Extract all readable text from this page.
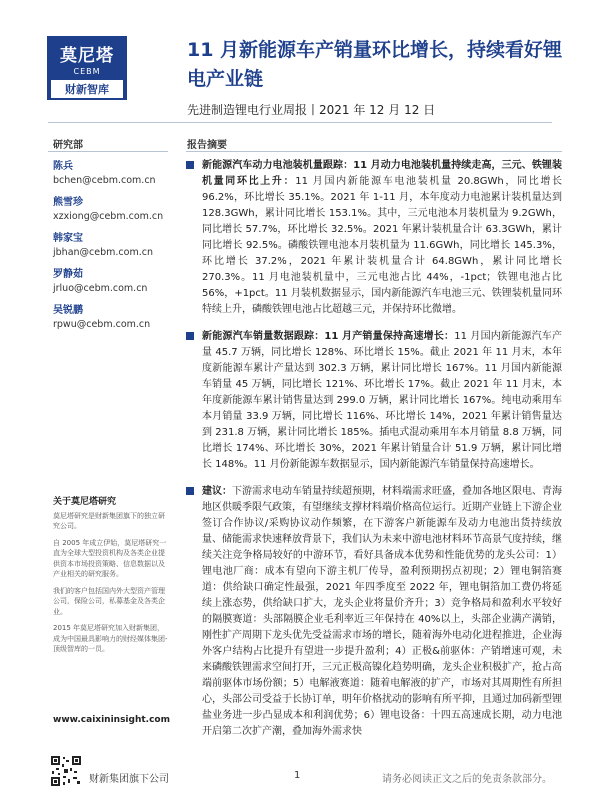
莫尼塔
CEBM
财新智库
11 月新能源车产销量环比增长，持续看好锂电产业链
先进制造锂电行业周报丨2021 年 12 月 12 日
研究部	报告摘要
陈兵
bchen@cebm.com.cn
熊雪珍
xzxiong@cebm.com.cn
韩家宝
jbhan@cebm.com.cn
罗静茹
jrluo@cebm.com.cn
吴锐鹏
rpwu@cebm.com.cn
关于莫尼塔研究

莫尼塔研究是财新集团旗下的独立研究公司。

自 2005 年成立伊始，莫尼塔研究一直为全球大型投资机构及各类企业提供资本市场投资策略、信息数据以及产业相关的研究服务。

我们的客户包括国内外大型资产管理公司，保险公司，私募基金及各类企业。

2015 年莫尼塔研究加入财新集团，成为中国最具影响力的财经媒体集团-顶级智库的一员。

www.caixininsight.com
新能源汽车动力电池装机量跟踪：11 月动力电池装机量持续走高，三元、铁锂装机量同环比上升：11 月国内新能源车电池装机量 20.8GWh，同比增长 96.2%，环比增长 35.1%。2021 年 1-11 月，本年度动力电池累计装机量达到 128.3GWh，累计同比增长 153.1%。其中，三元电池本月装机量为 9.2GWh，同比增长 57.7%，环比增长 32.5%。2021 年累计装机量合计 63.3GWh，累计同比增长 92.5%。磷酸铁锂电池本月装机量为 11.6GWh，同比增长 145.3%，环比增长 37.2%，2021 年累计装机量合计 64.8GWh，累计同比增长 270.3%。11 月电池装机量中，三元电池占比 44%，-1pct；铁锂电池占比 56%，+1pct。11 月装机数据显示，国内新能源汽车电池三元、铁锂装机量同环特续上升，磷酸铁锂电池占比超越三元，并保持环比微增。
新能源汽车销量数据跟踪：11 月产销量保持高速增长：11 月国内新能源汽车产量 45.7 万辆，同比增长 128%、环比增长 15%。截止 2021 年 11 月末，本年度新能源车累计产量达到 302.3 万辆，累计同比增长 167%。11 月国内新能源车销量 45 万辆，同比增长 121%、环比增长 17%。截止 2021 年 11 月末，本年度新能源车累计销售量达到 299.0 万辆，累计同比增长 167%。纯电动乘用车本月销量 33.9 万辆，同比增长 116%、环比增长 14%，2021 年累计销售量达到 231.8 万辆，累计同比增长 185%。插电式混动乘用车本月销量 8.8 万辆，同比增长 174%、环比增长 30%，2021 年累计销量合计 51.9 万辆，累计同比增长 148%。11 月份新能源车数据显示，国内新能源汽车销量保持高速增长。
建议：下游需求电动车销量持续超预期，材料端需求旺盛，叠加各地区限电、青海地区供暖季限气政策，有望继续支撑材料端价格高位运行。近期产业链上下游企业签订合作协议/采购协议动作频繁，在下游客户新能源车及动力电池出货持续放量、储能需求快速释放背景下，我们认为未来中游电池材料环节高景气度持续，继续关注竞争格局较好的中游环节，看好具备成本优势和性能优势的龙头公司：1）锂电池厂商：成本有望向下游主机厂传导，盈利预期拐点初现；2）锂电铜箔赛道：供给缺口确定性最强，2021 年四季度至 2022 年，锂电铜箔加工费仍将延续上涨态势，供给缺口扩大，龙头企业将量价齐升；3）竞争格局和盈利水平较好的隔膜赛道：头部隔膜企业毛利率近三年保持在 40%以上，头部企业满产满销，刚性扩产周期下龙头优先受益需求市场的增长，随着海外电动化进程推进，企业海外客户结构占比提升有望进一步提升盈利；4）正极&前驱体：产销增速可观，未来磷酸铁锂需求空间打开，三元正极高镍化趋势明确，龙头企业积极扩产，抢占高端前驱体市场份额；5）电解液赛道：随着电解液的扩产，市场对其周期性有所担心，头部公司受益于长协订单，明年价格扰动的影响有所平抑，且通过加码新型锂盐业务进一步凸显成本和利润优势；6）锂电设备：十四五高速成长期，动力电池开启第二次扩产潮，叠加海外需求快
财新集团旗下公司	1	请务必阅读正文之后的免责条款部分。
